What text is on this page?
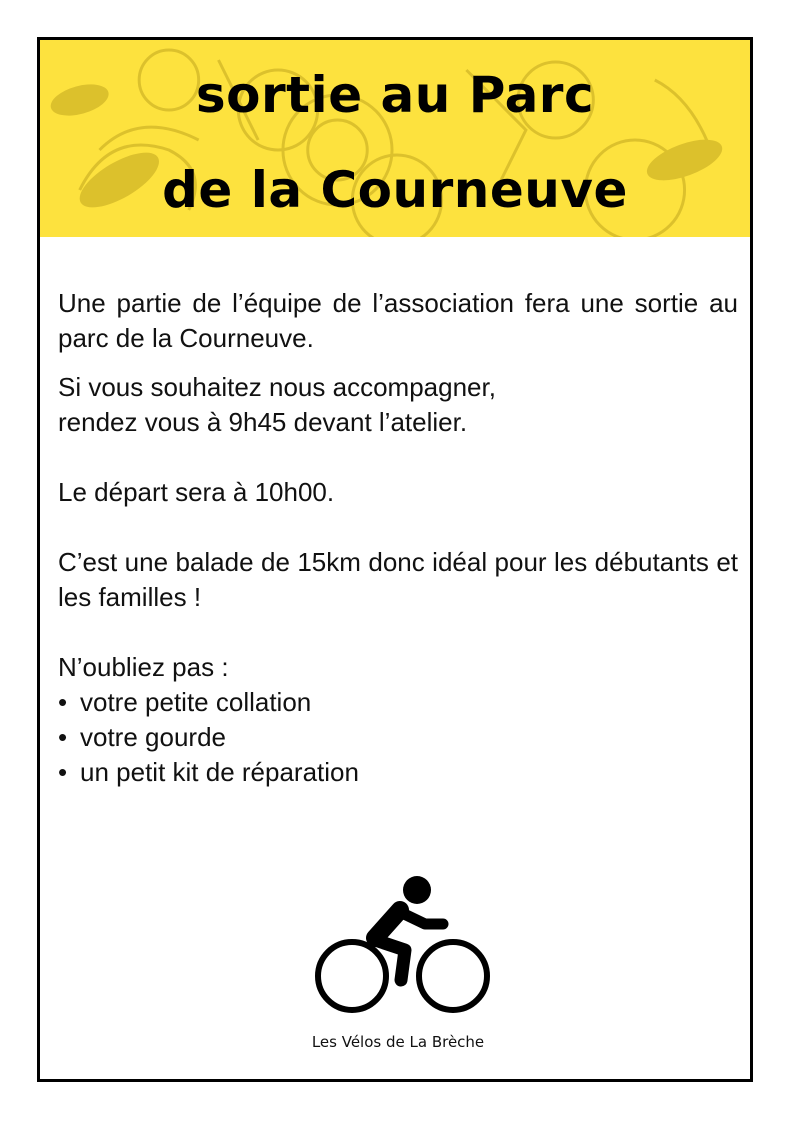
sortie au Parc
de la Courneuve

Une partie de l’équipe de l’association fera une sortie au parc de la Courneuve.

Si vous souhaitez nous accompagner,
rendez vous à 9h45 devant l’atelier.

Le départ sera à 10h00.

C’est une balade de 15km donc idéal pour les débutants et les familles !

N’oubliez pas :
• votre petite collation
• votre gourde
• un petit kit de réparation
Les Vélos de La Brèche
